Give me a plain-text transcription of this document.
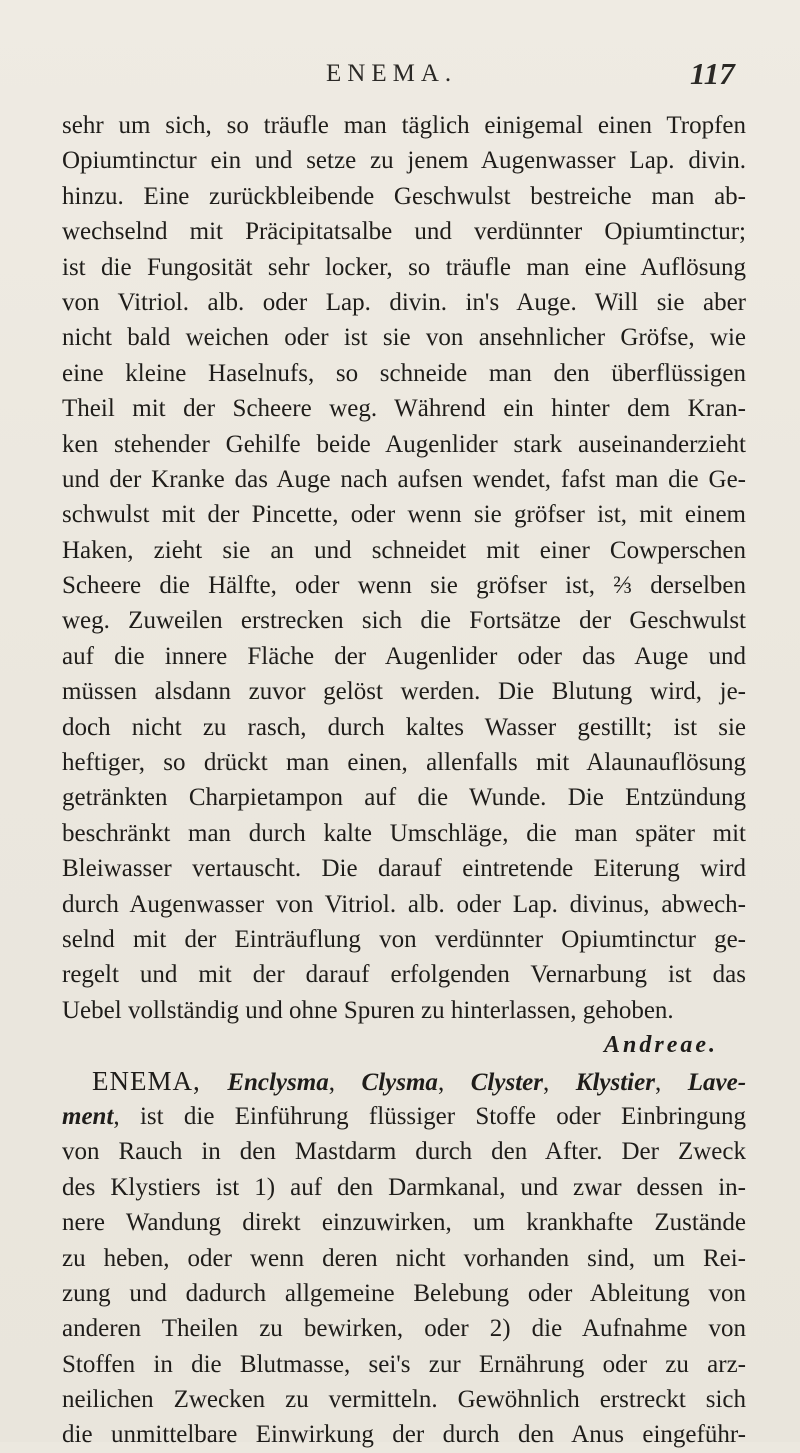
ENEMA.	117
sehr um sich, so träufle man täglich einigemal einen Tropfen
Opiumtinctur ein und setze zu jenem Augenwasser Lap. divin.
hinzu. Eine zurückbleibende Geschwulst bestreiche man ab-
wechselnd mit Präcipitatsalbe und verdünnter Opiumtinctur;
ist die Fungosität sehr locker, so träufle man eine Auflösung
von Vitriol. alb. oder Lap. divin. in's Auge. Will sie aber
nicht bald weichen oder ist sie von ansehnlicher Gröfse, wie
eine kleine Haselnufs, so schneide man den überflüssigen
Theil mit der Scheere weg. Während ein hinter dem Kran-
ken stehender Gehilfe beide Augenlider stark auseinanderzieht
und der Kranke das Auge nach aufsen wendet, fafst man die Ge-
schwulst mit der Pincette, oder wenn sie gröfser ist, mit einem
Haken, zieht sie an und schneidet mit einer Cowperschen
Scheere die Hälfte, oder wenn sie gröfser ist, ⅔ derselben
weg. Zuweilen erstrecken sich die Fortsätze der Geschwulst
auf die innere Fläche der Augenlider oder das Auge und
müssen alsdann zuvor gelöst werden. Die Blutung wird, je-
doch nicht zu rasch, durch kaltes Wasser gestillt; ist sie
heftiger, so drückt man einen, allenfalls mit Alaunauflösung
getränkten Charpietampon auf die Wunde. Die Entzündung
beschränkt man durch kalte Umschläge, die man später mit
Bleiwasser vertauscht. Die darauf eintretende Eiterung wird
durch Augenwasser von Vitriol. alb. oder Lap. divinus, abwech-
selnd mit der Einträuflung von verdünnter Opiumtinctur ge-
regelt und mit der darauf erfolgenden Vernarbung ist das
Uebel vollständig und ohne Spuren zu hinterlassen, gehoben.
Andreae.
ENEMA, Enclysma, Clysma, Clyster, Klystier, Lave-
ment, ist die Einführung flüssiger Stoffe oder Einbringung
von Rauch in den Mastdarm durch den After. Der Zweck
des Klystiers ist 1) auf den Darmkanal, und zwar dessen in-
nere Wandung direkt einzuwirken, um krankhafte Zustände
zu heben, oder wenn deren nicht vorhanden sind, um Rei-
zung und dadurch allgemeine Belebung oder Ableitung von
anderen Theilen zu bewirken, oder 2) die Aufnahme von
Stoffen in die Blutmasse, sei's zur Ernährung oder zu arz-
neilichen Zwecken zu vermitteln. Gewöhnlich erstreckt sich
die unmittelbare Einwirkung der durch den Anus eingeführ-
